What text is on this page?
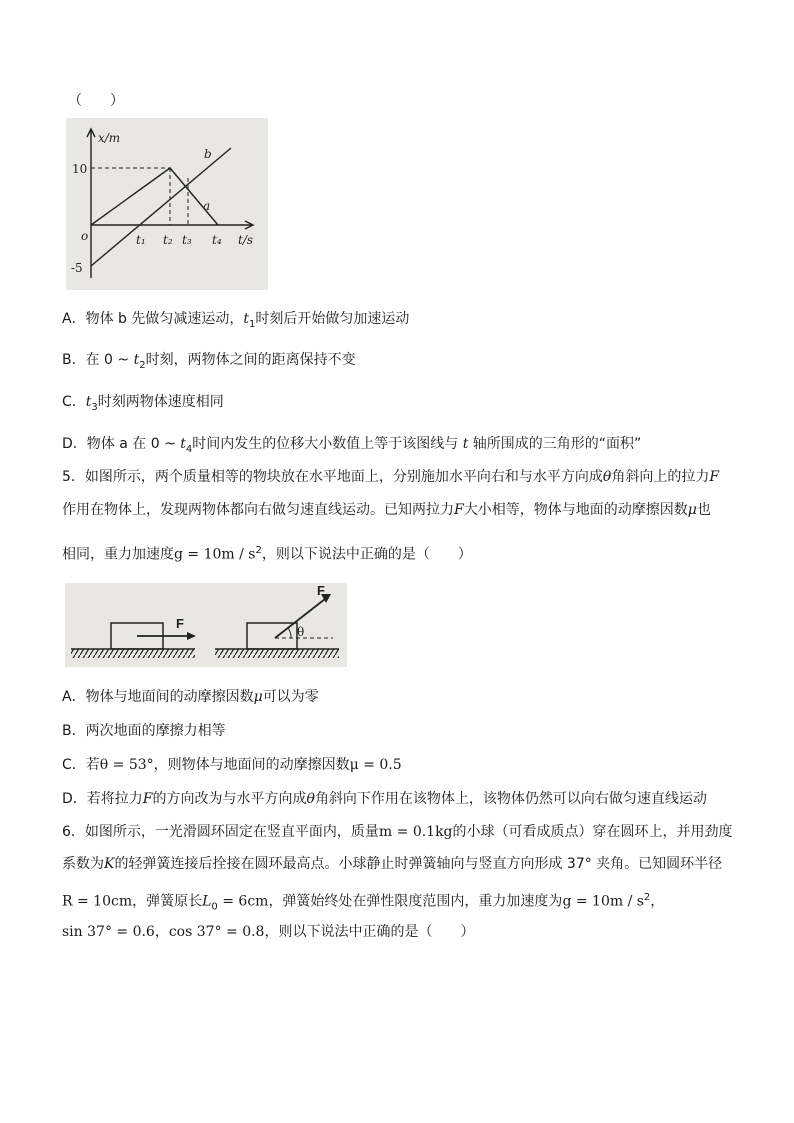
（　　）
x/m
10
-5
o	t/s
t₁ t₂ t₃ t₄
b
a
A．物体 b 先做匀减速运动，$t_1$时刻后开始做匀加速运动
B．在 0 ~ $t_2$时刻，两物体之间的距离保持不变
C．$t_3$时刻两物体速度相同
D．物体 a 在 0 ~ $t_4$时间内发生的位移大小数值上等于该图线与 t 轴所围成的三角形的“面积”
5．如图所示，两个质量相等的物块放在水平地面上，分别施加水平向右和与水平方向成θ角斜向上的拉力F
作用在物体上，发现两物体都向右做匀速直线运动。已知两拉力F大小相等，物体与地面的动摩擦因数μ也
相同，重力加速度$g = 10m / s^2$，则以下说法中正确的是（　　）
F
θ
F
A．物体与地面间的动摩擦因数μ可以为零
B．两次地面的摩擦力相等
C．若θ = 53°，则物体与地面间的动摩擦因数μ = 0.5
D．若将拉力F的方向改为与水平方向成θ角斜向下作用在该物体上，该物体仍然可以向右做匀速直线运动
6．如图所示，一光滑圆环固定在竖直平面内，质量m = 0.1kg的小球（可看成质点）穿在圆环上，并用劲度
系数为K的轻弹簧连接后拴接在圆环最高点。小球静止时弹簧轴向与竖直方向形成 37° 夹角。已知圆环半径
R = 10cm，弹簧原长$L_0 = 6cm$，弹簧始终处在弹性限度范围内，重力加速度为$g = 10m / s^2$，
sin 37° = 0.6，cos 37° = 0.8，则以下说法中正确的是（　　）
